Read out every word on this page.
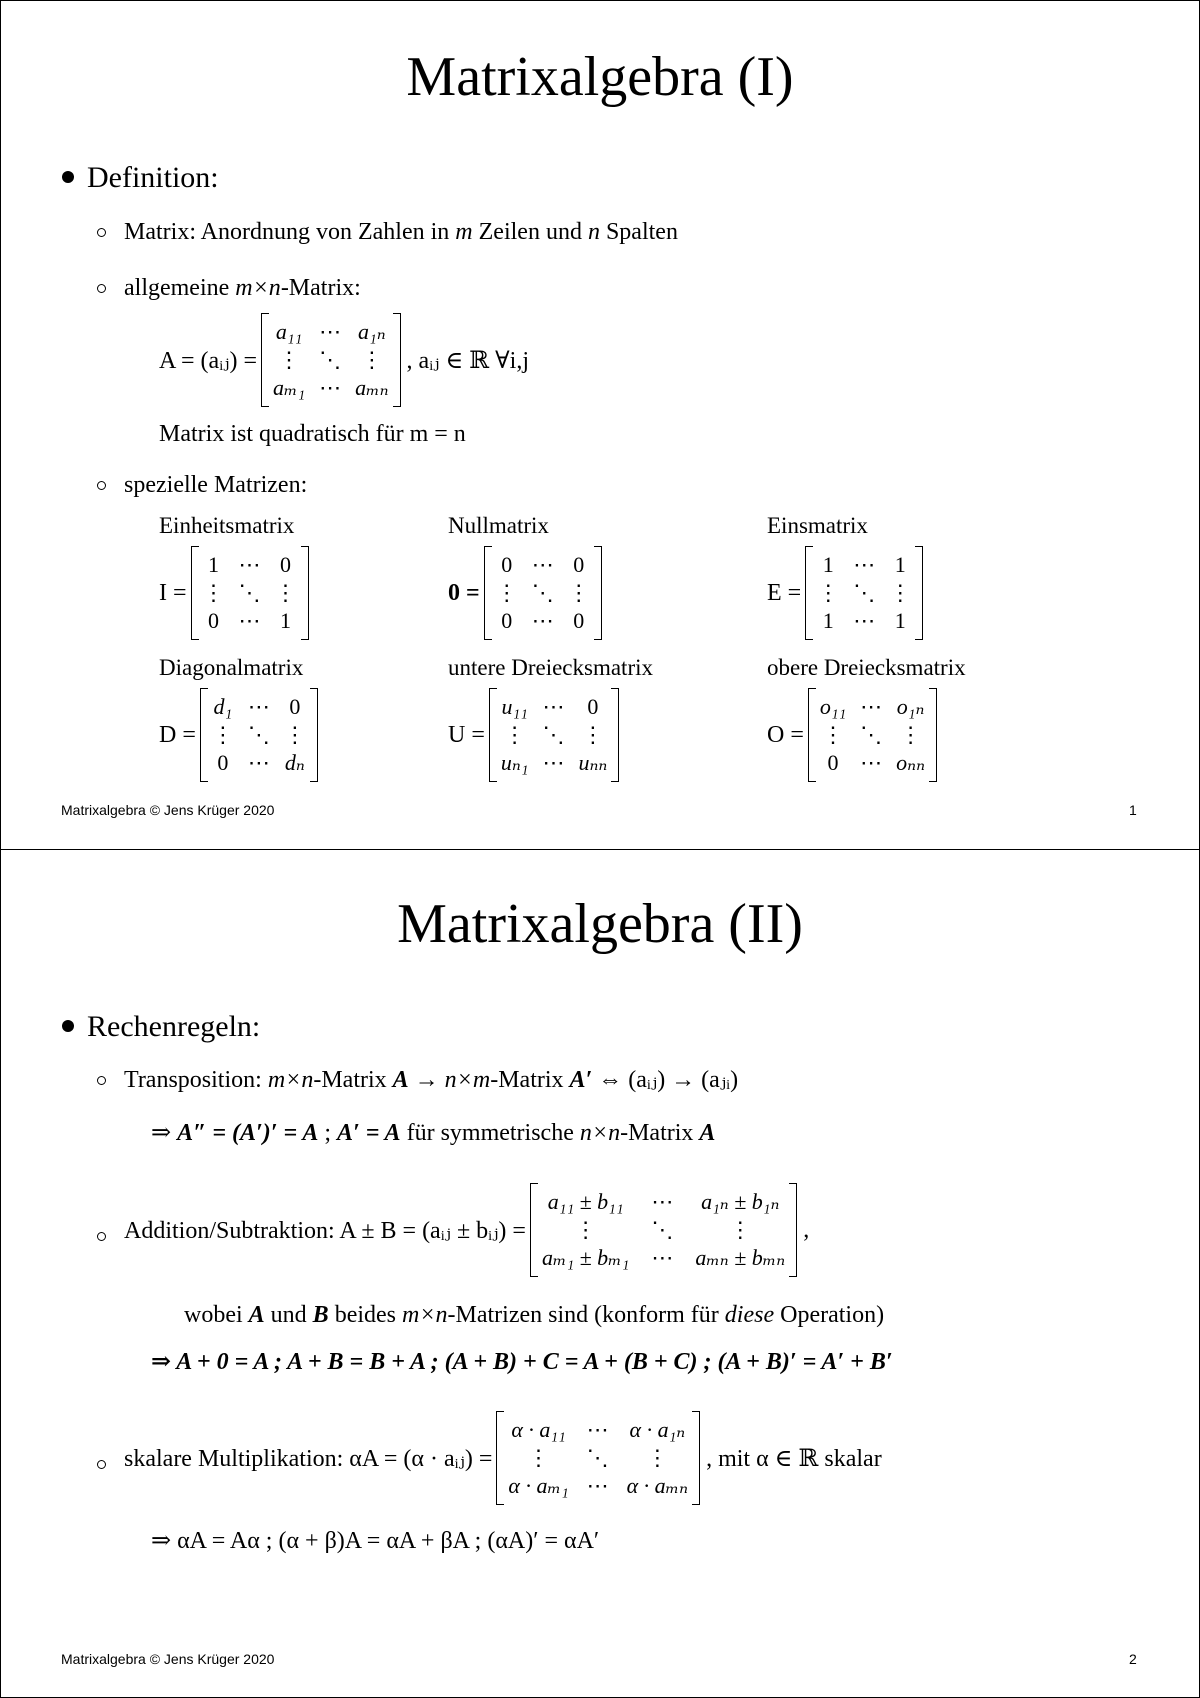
Matrixalgebra (I)
Definition:
Matrix: Anordnung von Zahlen in m Zeilen und n Spalten
allgemeine m×n-Matrix:
A = (aᵢⱼ) =
a₁₁ ⋯ a₁ₙ
⋮ ⋱ ⋮
aₘ₁ ⋯ aₘₙ
, aᵢⱼ ∈ ℝ ∀i,j
Matrix ist quadratisch für m = n
spezielle Matrizen:
Einheitsmatrix
I =
1 ⋯ 0
⋮ ⋱ ⋮
0 ⋯ 1
Nullmatrix
0 =
0 ⋯ 0
⋮ ⋱ ⋮
0 ⋯ 0
Einsmatrix
E =
1 ⋯ 1
⋮ ⋱ ⋮
1 ⋯ 1
Diagonalmatrix
D =
d₁ ⋯ 0
⋮ ⋱ ⋮
0 ⋯ dₙ
untere Dreiecksmatrix
U =
u₁₁ ⋯ 0
⋮ ⋱ ⋮
uₙ₁ ⋯ uₙₙ
obere Dreiecksmatrix
O =
o₁₁ ⋯ o₁ₙ
⋮ ⋱ ⋮
0 ⋯ oₙₙ
Matrixalgebra © Jens Krüger 2020	1
Matrixalgebra (II)
Rechenregeln:
Transposition: m×n-Matrix A → n×m-Matrix A′ ⇔ (aᵢⱼ) → (aⱼᵢ)
⇒ A″ = (A′)′ = A ; A′ = A für symmetrische n×n-Matrix A
Addition/Subtraktion: A ± B = (aᵢⱼ ± bᵢⱼ) =
a₁₁ ± b₁₁ ⋯ a₁ₙ ± b₁ₙ
⋮ ⋱	⋮
aₘ₁ ± bₘ₁ ⋯ aₘₙ ± bₘₙ
,
wobei A und B beides m×n-Matrizen sind (konform für diese Operation)
⇒ A + 0 = A ; A + B = B + A ; (A + B) + C = A + (B + C) ; (A + B)′ = A′ + B′
skalare Multiplikation: αA = (α · aᵢⱼ) =
α · a₁₁ ⋯ α · a₁ₙ
⋮ ⋱ ⋮
α · aₘ₁ ⋯ α · aₘₙ
, mit α ∈ ℝ skalar
⇒ αA = Aα ; (α + β)A = αA + βA ; (αA)′ = αA′
Matrixalgebra © Jens Krüger 2020	2
